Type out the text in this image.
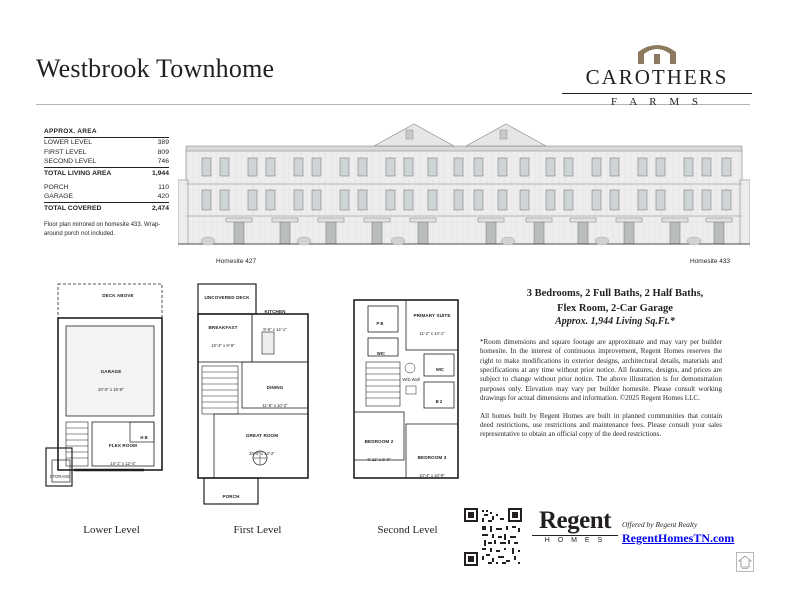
Westbrook Townhome	CAROTHERS
F A R M S
APPROX. AREA
LOWER LEVEL	389
FIRST LEVEL	809
SECOND LEVEL	746
TOTAL LIVING AREA	1,944
PORCH	110
GARAGE	420
TOTAL COVERED	2,474
Floor plan mirrored on homesite 433. Wrap-around porch not included.
Homesite 427	Homesite 433
DECK ABOVE
GARAGE
20'-5" x 19'-8"
FLEX ROOM
14'-1" x 12'-4"
STORAGE
H B
Lower Level
BREAKFAST
10'-3" x 8'-9"
UNCOVERED DECK
KITCHEN
9'-6" x 14'-1"
DINING
11'-8" x 10'-2"
GREAT ROOM
20'-0" x 13'-2"
PORCH
First Level
PRIMARY SUITE
11'-2" x 13'-1"
P B
WIC
WIC
B 2
BEDROOM 2
9'-11" x 9'-0"	BEDROOM 3
10'-4" x 10'-9"
W/D Wall
Second Level
3 Bedrooms, 2 Full Baths, 2 Half Baths,
Flex Room, 2-Car Garage
Approx. 1,944 Living Sq.Ft.*

*Room dimensions and square footage are approximate and may vary per builder homesite. In the interest of continuous improvement, Regent Homes reserves the right to make modifications in exterior designs, architectural details, materials and specifications at any time without prior notice. All features, designs, and prices are subject to change without prior notice. The above illustration is for demonstration purposes only. Elevation may vary per builder homesite. Please consult working drawings for actual dimensions and information. ©2025 Regent Homes LLC.

All homes built by Regent Homes are built in planned communities that contain deed restrictions, use restrictions and maintenance fees. Please consult your sales representative to obtain an official copy of the deed restrictions.

Regent
H O M E S
Offered by Regent Realty
RegentHomesTN.com
